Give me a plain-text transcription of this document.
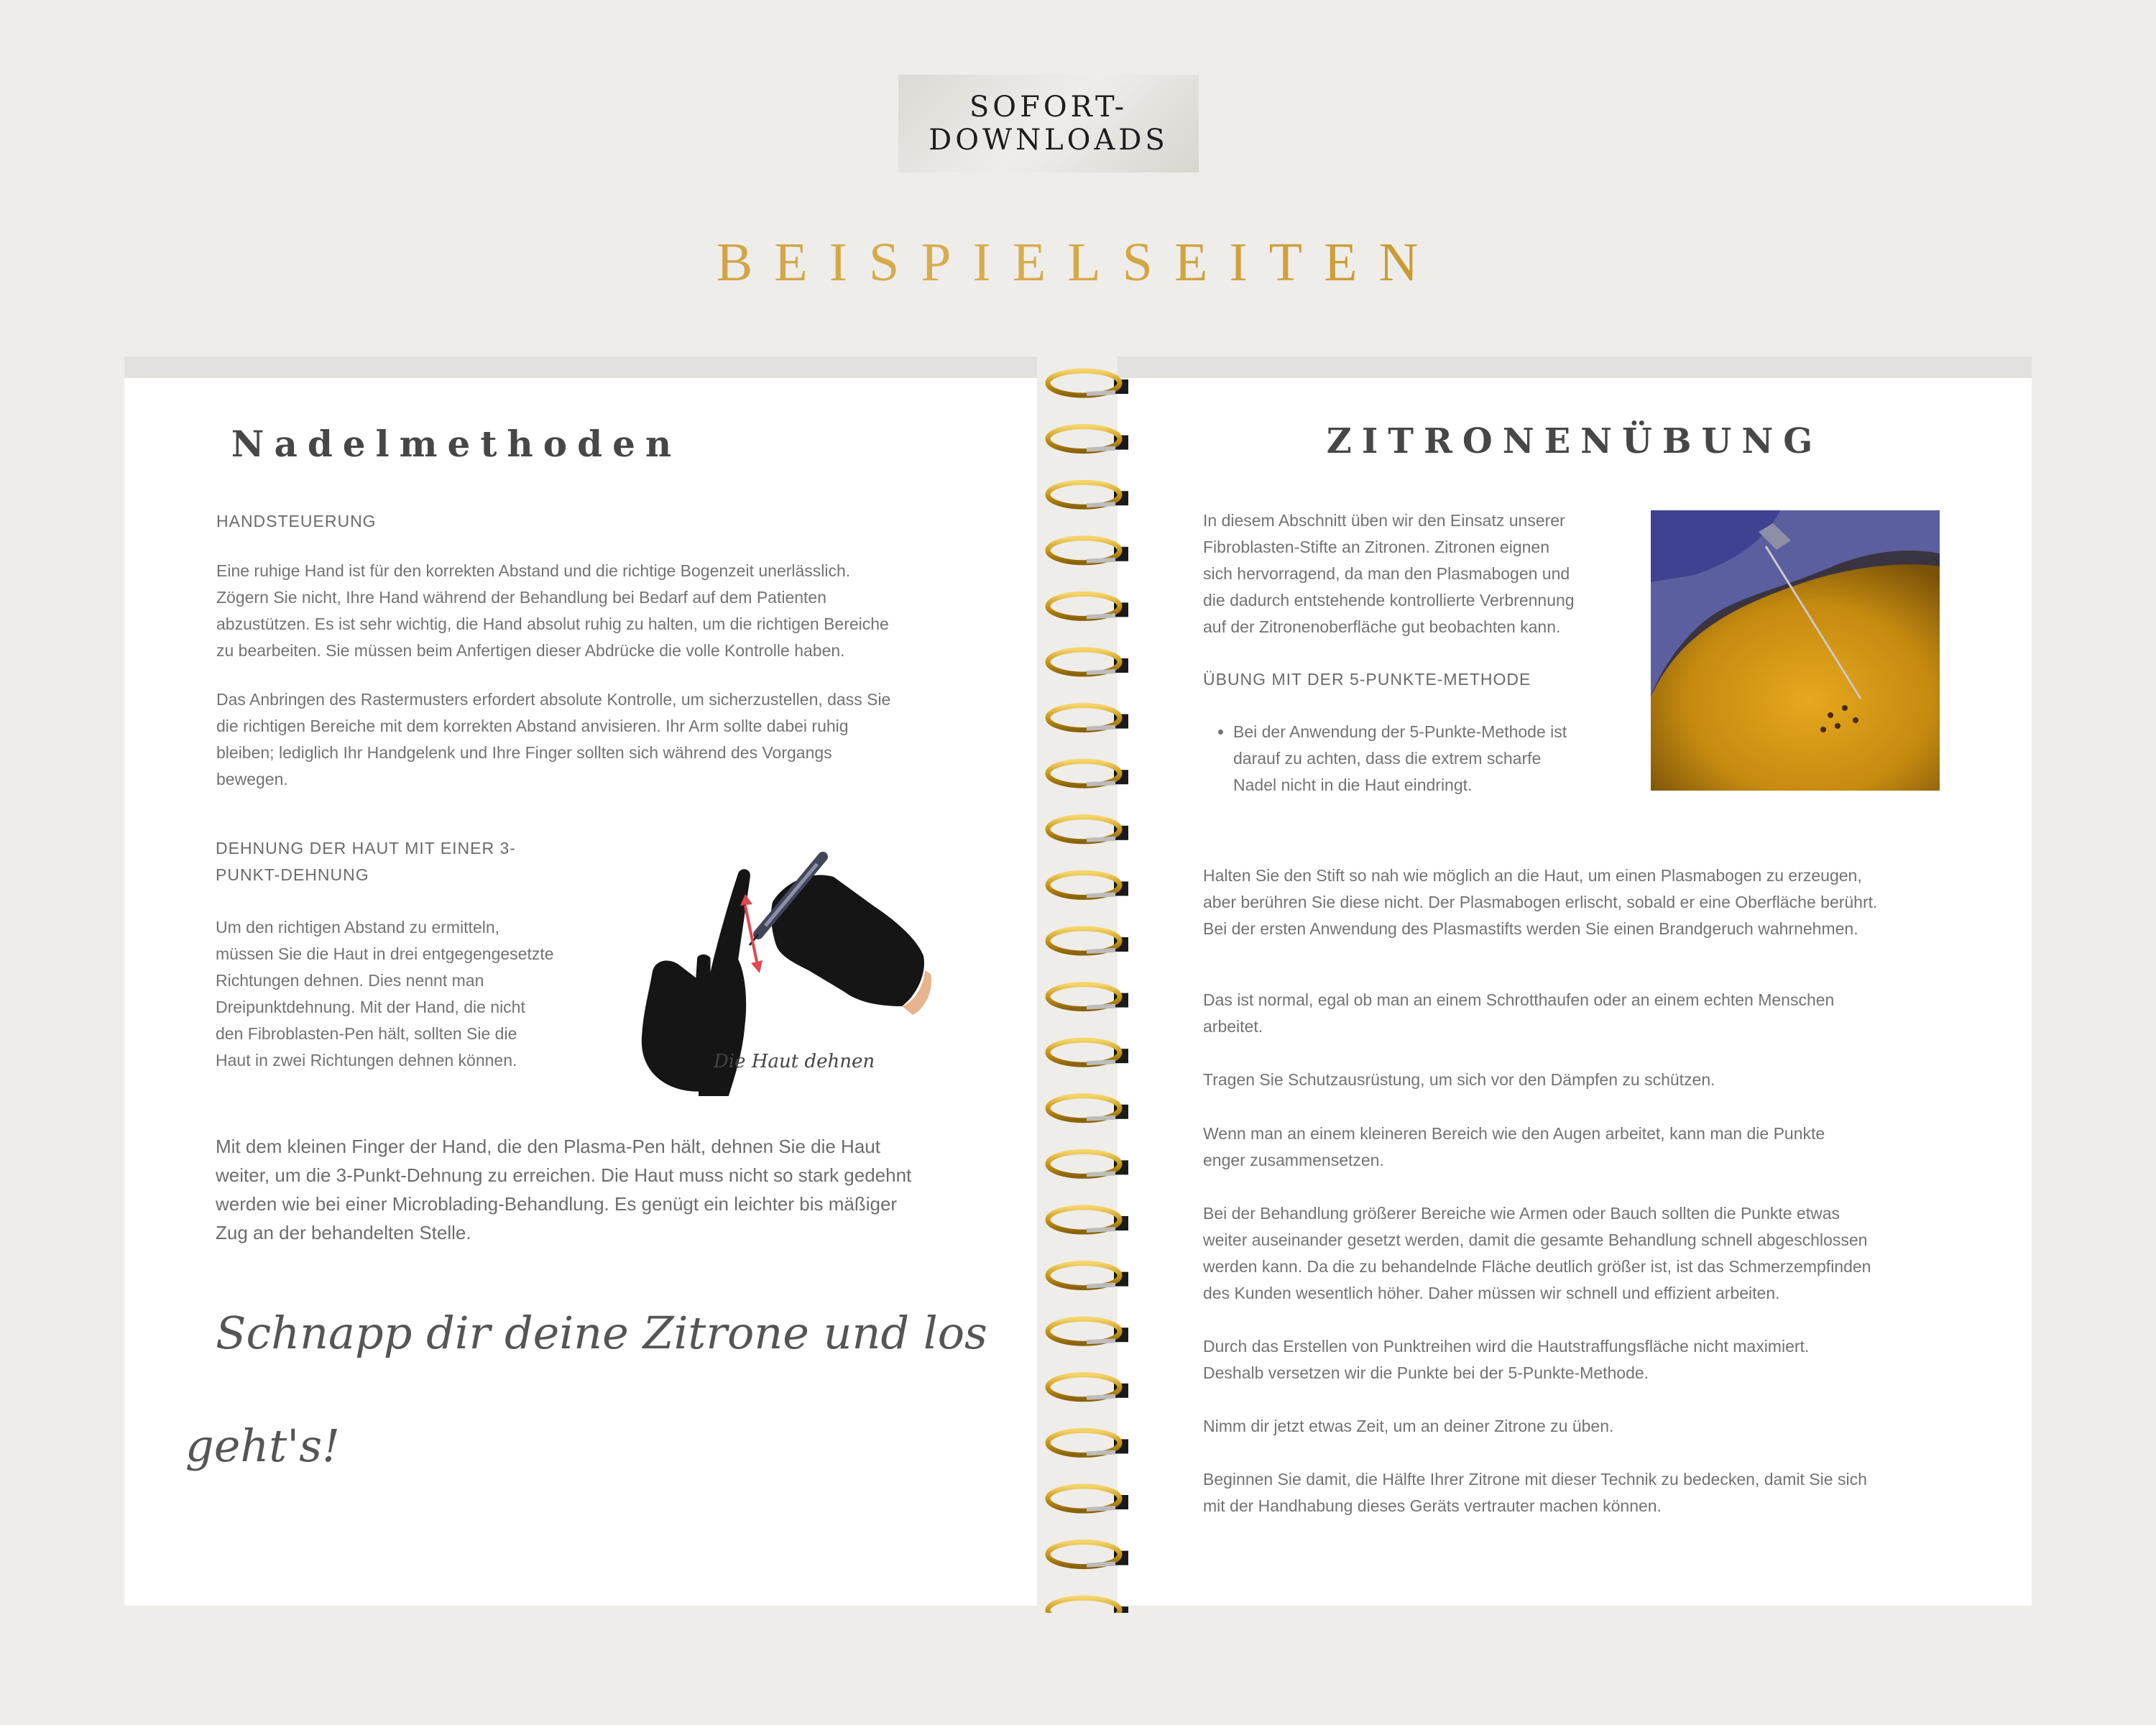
SOFORT-
DOWNLOADS
BEISPIELSEITEN
Nadelmethoden

HANDSTEUERUNG

Eine ruhige Hand ist für den korrekten Abstand und die richtige Bogenzeit unerlässlich.
Zögern Sie nicht, Ihre Hand während der Behandlung bei Bedarf auf dem Patienten
abzustützen. Es ist sehr wichtig, die Hand absolut ruhig zu halten, um die richtigen Bereiche
zu bearbeiten. Sie müssen beim Anfertigen dieser Abdrücke die volle Kontrolle haben.
Das Anbringen des Rastermusters erfordert absolute Kontrolle, um sicherzustellen, dass Sie
die richtigen Bereiche mit dem korrekten Abstand anvisieren. Ihr Arm sollte dabei ruhig
bleiben; lediglich Ihr Handgelenk und Ihre Finger sollten sich während des Vorgangs
bewegen.
DEHNUNG DER HAUT MIT EINER 3-
PUNKT-DEHNUNG
Um den richtigen Abstand zu ermitteln,
müssen Sie die Haut in drei entgegengesetzte
Richtungen dehnen. Dies nennt man
Dreipunktdehnung. Mit der Hand, die nicht
den Fibroblasten-Pen hält, sollten Sie die
Haut in zwei Richtungen dehnen können.	Die Haut dehnen
Mit dem kleinen Finger der Hand, die den Plasma-Pen hält, dehnen Sie die Haut
weiter, um die 3-Punkt-Dehnung zu erreichen. Die Haut muss nicht so stark gedehnt
werden wie bei einer Microblading-Behandlung. Es genügt ein leichter bis mäßiger
Zug an der behandelten Stelle.

Schnapp dir deine Zitrone und los

geht's!

ZITRONENÜBUNG
In diesem Abschnitt üben wir den Einsatz unserer
Fibroblasten-Stifte an Zitronen. Zitronen eignen
sich hervorragend, da man den Plasmabogen und
die dadurch entstehende kontrollierte Verbrennung
auf der Zitronenoberfläche gut beobachten kann.

ÜBUNG MIT DER 5-PUNKTE-METHODE

• Bei der Anwendung der 5-Punkte-Methode ist
darauf zu achten, dass die extrem scharfe
Nadel nicht in die Haut eindringt.
Halten Sie den Stift so nah wie möglich an die Haut, um einen Plasmabogen zu erzeugen,
aber berühren Sie diese nicht. Der Plasmabogen erlischt, sobald er eine Oberfläche berührt.
Bei der ersten Anwendung des Plasmastifts werden Sie einen Brandgeruch wahrnehmen.
Das ist normal, egal ob man an einem Schrotthaufen oder an einem echten Menschen
arbeitet.

Tragen Sie Schutzausrüstung, um sich vor den Dämpfen zu schützen.

Wenn man an einem kleineren Bereich wie den Augen arbeitet, kann man die Punkte
enger zusammensetzen.
Bei der Behandlung größerer Bereiche wie Armen oder Bauch sollten die Punkte etwas
weiter auseinander gesetzt werden, damit die gesamte Behandlung schnell abgeschlossen
werden kann. Da die zu behandelnde Fläche deutlich größer ist, ist das Schmerzempfinden
des Kunden wesentlich höher. Daher müssen wir schnell und effizient arbeiten.
Durch das Erstellen von Punktreihen wird die Hautstraffungsfläche nicht maximiert.
Deshalb versetzen wir die Punkte bei der 5-Punkte-Methode.

Nimm dir jetzt etwas Zeit, um an deiner Zitrone zu üben.

Beginnen Sie damit, die Hälfte Ihrer Zitrone mit dieser Technik zu bedecken, damit Sie sich
mit der Handhabung dieses Geräts vertrauter machen können.
